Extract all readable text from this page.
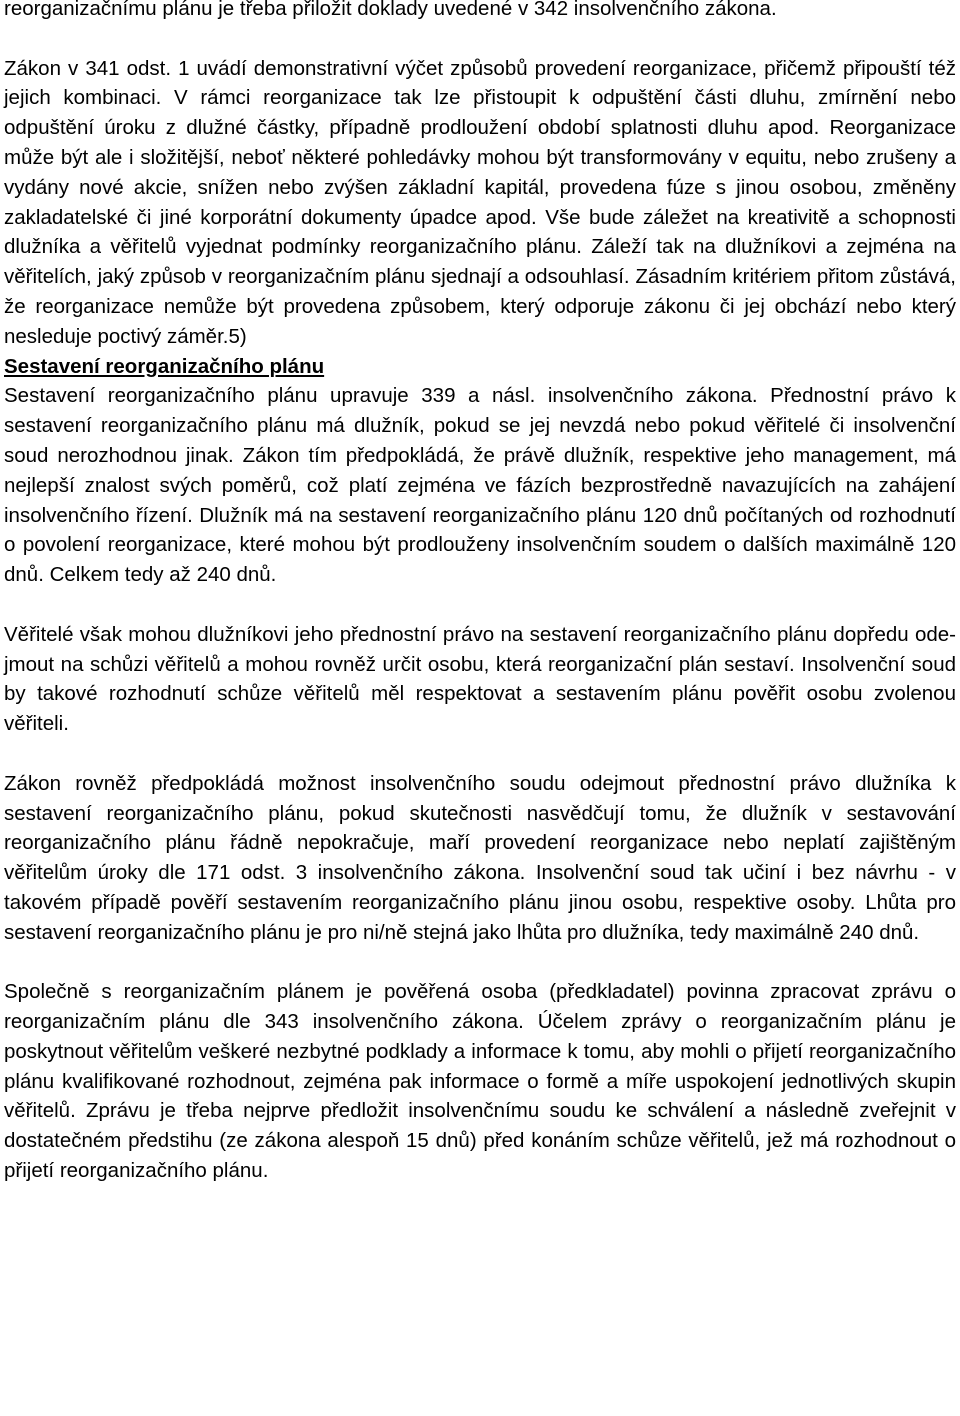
reorganizačnímu plánu je třeba přiložit doklady uvedené v 342 insolvenčního zákona.

Zákon v 341 odst. 1 uvádí demonstrativní výčet způsobů provedení reorganizace, přičemž připouští též jejich kombinaci. V rámci reorganizace tak lze přistoupit k odpuštění části dluhu, zmírnění nebo odpuštění úroku z dlužné částky, případně prodloužení období splatnosti dluhu apod. Reorganizace může být ale i složitější, neboť některé pohledávky mohou být transformovány v equitu, nebo zrušeny a vydány nové akcie, snížen nebo zvýšen základní kapitál, provedena fúze s jinou osobou, změněny zakladatelské či jiné korporátní dokumenty úpadce apod. Vše bude záležet na kreativitě a schopnosti dlužníka a věřitelů vyjednat podmínky reorganizačního plánu. Záleží tak na dlužníkovi a zejména na věřitelích, jaký způsob v reorganizačním plánu sjednají a odsouhlasí. Zásadním kritériem přitom zůstává, že reorganizace nemůže být provedena způsobem, který odporuje zákonu či jej obchází nebo který nesleduje poctivý záměr.5)

Sestavení reorganizačního plánu

Sestavení reorganizačního plánu upravuje 339 a násl. insolvenčního zákona. Přednostní právo k sestavení reorganizačního plánu má dlužník, pokud se jej nevzdá nebo pokud věřitelé či insolvenční soud nerozhodnou jinak. Zákon tím předpokládá, že právě dlužník, respektive jeho management, má nejlepší znalost svých poměrů, což platí zejména ve fázích bezprostředně navazujících na zahájení insolvenčního řízení. Dlužník má na sestavení reorganizačního plánu 120 dnů počítaných od rozhodnutí o povolení reorganizace, které mohou být prodlouženy insolvenčním soudem o dalších maximálně 120 dnů. Celkem tedy až 240 dnů.

Věřitelé však mohou dlužníkovi jeho přednostní právo na sestavení reorganizačního plánu dopředu ode-jmout na schůzi věřitelů a mohou rovněž určit osobu, která reorganizační plán sestaví. Insolvenční soud by takové rozhodnutí schůze věřitelů měl respektovat a sestavením plánu pověřit osobu zvolenou věřiteli.

Zákon rovněž předpokládá možnost insolvenčního soudu odejmout přednostní právo dlužníka k sestavení reorganizačního plánu, pokud skutečnosti nasvědčují tomu, že dlužník v sestavování reorganizačního plánu řádně nepokračuje, maří provedení reorganizace nebo neplatí zajištěným věřitelům úroky dle 171 odst. 3 insolvenčního zákona. Insolvenční soud tak učiní i bez návrhu - v takovém případě pověří sestavením reorganizačního plánu jinou osobu, respektive osoby. Lhůta pro sestavení reorganizačního plánu je pro ni/ně stejná jako lhůta pro dlužníka, tedy maximálně 240 dnů.

Společně s reorganizačním plánem je pověřená osoba (předkladatel) povinna zpracovat zprávu o reorganizačním plánu dle 343 insolvenčního zákona. Účelem zprávy o reorganizačním plánu je poskytnout věřitelům veškeré nezbytné podklady a informace k tomu, aby mohli o přijetí reorganizačního plánu kvalifikované rozhodnout, zejména pak informace o formě a míře uspokojení jednotlivých skupin věřitelů. Zprávu je třeba nejprve předložit insolvenčnímu soudu ke schválení a následně zveřejnit v dostatečném předstihu (ze zákona alespoň 15 dnů) před konáním schůze věřitelů, jež má rozhodnout o přijetí reorganizačního plánu.
